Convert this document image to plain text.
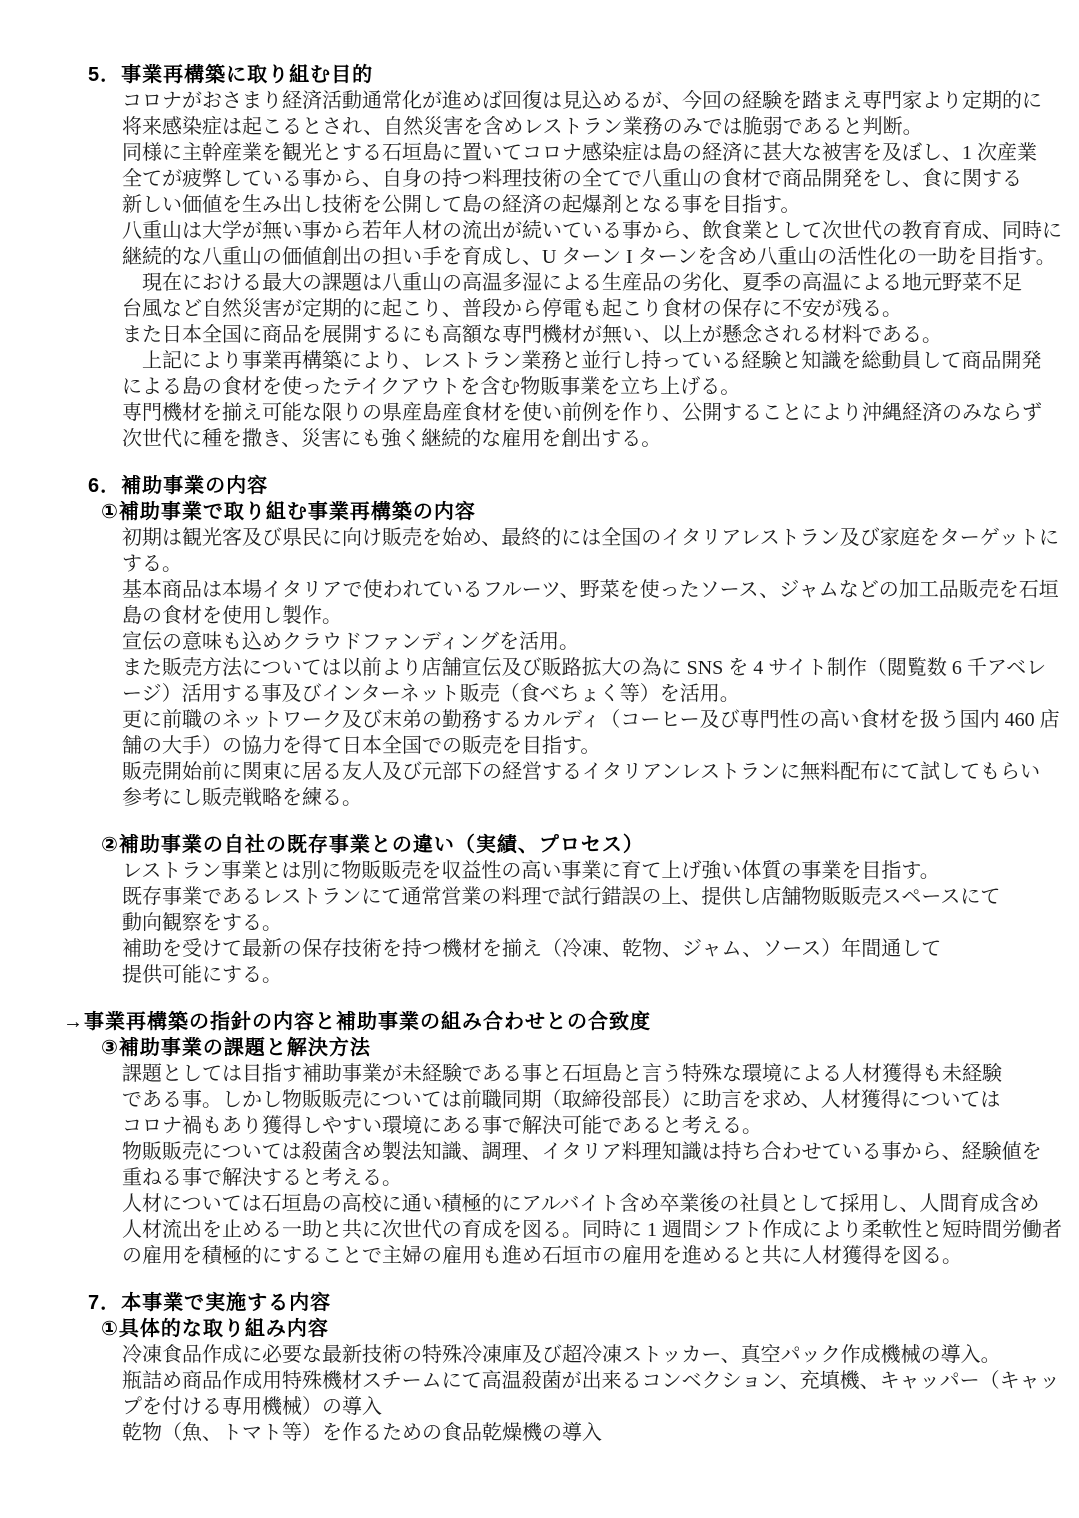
5．事業再構築に取り組む目的
コロナがおさまり経済活動通常化が進めば回復は見込めるが、今回の経験を踏まえ専門家より定期的に
将来感染症は起こるとされ、自然災害を含めレストラン業務のみでは脆弱であると判断。
同様に主幹産業を観光とする石垣島に置いてコロナ感染症は島の経済に甚大な被害を及ぼし、1 次産業
全てが疲弊している事から、自身の持つ料理技術の全てで八重山の食材で商品開発をし、食に関する
新しい価値を生み出し技術を公開して島の経済の起爆剤となる事を目指す。
八重山は大学が無い事から若年人材の流出が続いている事から、飲食業として次世代の教育育成、同時に
継続的な八重山の価値創出の担い手を育成し、U ターン I ターンを含め八重山の活性化の一助を目指す。
　現在における最大の課題は八重山の高温多湿による生産品の劣化、夏季の高温による地元野菜不足
台風など自然災害が定期的に起こり、普段から停電も起こり食材の保存に不安が残る。
また日本全国に商品を展開するにも高額な専門機材が無い、以上が懸念される材料である。
　上記により事業再構築により、レストラン業務と並行し持っている経験と知識を総動員して商品開発
による島の食材を使ったテイクアウトを含む物販事業を立ち上げる。
専門機材を揃え可能な限りの県産島産食材を使い前例を作り、公開することにより沖縄経済のみならず
次世代に種を撒き、災害にも強く継続的な雇用を創出する。
6．補助事業の内容
①補助事業で取り組む事業再構築の内容
初期は観光客及び県民に向け販売を始め、最終的には全国のイタリアレストラン及び家庭をターゲットに
する。
基本商品は本場イタリアで使われているフルーツ、野菜を使ったソース、ジャムなどの加工品販売を石垣
島の食材を使用し製作。
宣伝の意味も込めクラウドファンディングを活用。
また販売方法については以前より店舗宣伝及び販路拡大の為に SNS を 4 サイト制作（閲覧数 6 千アベレ
ージ）活用する事及びインターネット販売（食べちょく等）を活用。
更に前職のネットワーク及び末弟の勤務するカルディ（コーヒー及び専門性の高い食材を扱う国内 460 店
舗の大手）の協力を得て日本全国での販売を目指す。
販売開始前に関東に居る友人及び元部下の経営するイタリアンレストランに無料配布にて試してもらい
参考にし販売戦略を練る。
②補助事業の自社の既存事業との違い（実績、プロセス）
レストラン事業とは別に物販販売を収益性の高い事業に育て上げ強い体質の事業を目指す。
既存事業であるレストランにて通常営業の料理で試行錯誤の上、提供し店舗物販販売スペースにて
動向観察をする。
補助を受けて最新の保存技術を持つ機材を揃え（冷凍、乾物、ジャム、ソース）年間通して
提供可能にする。
→事業再構築の指針の内容と補助事業の組み合わせとの合致度
③補助事業の課題と解決方法
課題としては目指す補助事業が未経験である事と石垣島と言う特殊な環境による人材獲得も未経験
である事。しかし物販販売については前職同期（取締役部長）に助言を求め、人材獲得については
コロナ禍もあり獲得しやすい環境にある事で解決可能であると考える。
物販販売については殺菌含め製法知識、調理、イタリア料理知識は持ち合わせている事から、経験値を
重ねる事で解決すると考える。
人材については石垣島の高校に通い積極的にアルバイト含め卒業後の社員として採用し、人間育成含め
人材流出を止める一助と共に次世代の育成を図る。同時に 1 週間シフト作成により柔軟性と短時間労働者
の雇用を積極的にすることで主婦の雇用も進め石垣市の雇用を進めると共に人材獲得を図る。
7．本事業で実施する内容
①具体的な取り組み内容
冷凍食品作成に必要な最新技術の特殊冷凍庫及び超冷凍ストッカー、真空パック作成機械の導入。
瓶詰め商品作成用特殊機材スチームにて高温殺菌が出来るコンベクション、充填機、キャッパー（キャッ
プを付ける専用機械）の導入
乾物（魚、トマト等）を作るための食品乾燥機の導入
